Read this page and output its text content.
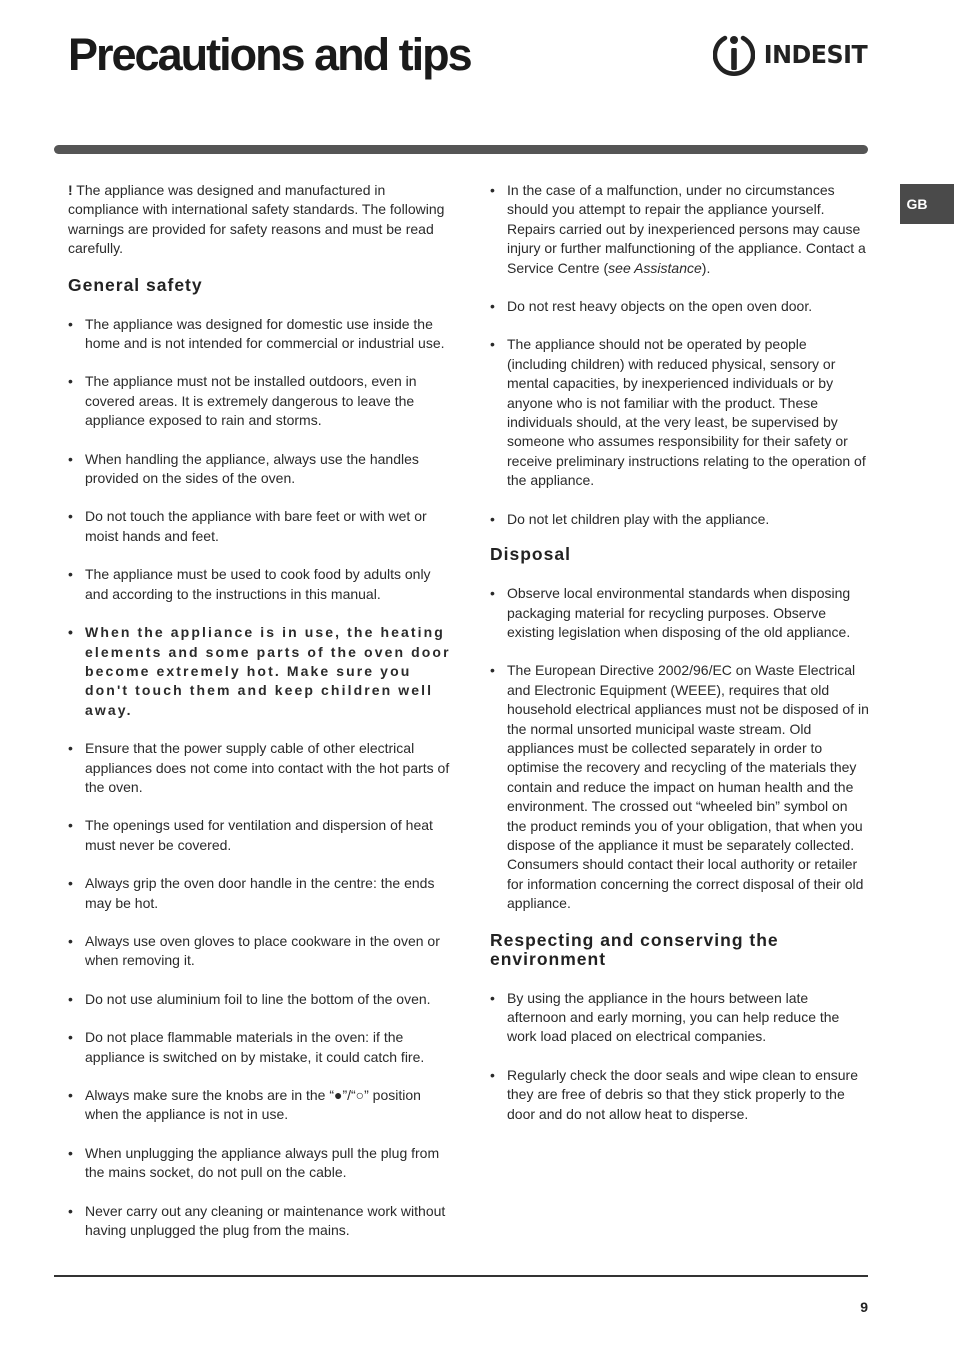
Precautions and tips	INDESIT
GB

! The appliance was designed and manufactured in compliance with international safety standards. The following warnings are provided for safety reasons and must be read carefully.

General safety
• The appliance was designed for domestic use inside the home and is not intended for commercial or industrial use.
• The appliance must not be installed outdoors, even in covered areas. It is extremely dangerous to leave the appliance exposed to rain and storms.
• When handling the appliance, always use the handles provided on the sides of the oven.
• Do not touch the appliance with bare feet or with wet or moist hands and feet.
• The appliance must be used to cook food by adults only and according to the instructions in this manual.
• When the appliance is in use, the heating elements and some parts of the oven door become extremely hot. Make sure you don't touch them and keep children well away.
• Ensure that the power supply cable of other electrical appliances does not come into contact with the hot parts of the oven.
• The openings used for ventilation and dispersion of heat must never be covered.
• Always grip the oven door handle in the centre: the ends may be hot.
• Always use oven gloves to place cookware in the oven or when removing it.
• Do not use aluminium foil to line the bottom of the oven.
• Do not place flammable materials in the oven: if the appliance is switched on by mistake, it could catch fire.
• Always make sure the knobs are in the “●”/“○” position when the appliance is not in use.
• When unplugging the appliance always pull the plug from the mains socket, do not pull on the cable.
• Never carry out any cleaning or maintenance work without having unplugged the plug from the mains.
• In the case of a malfunction, under no circumstances should you attempt to repair the appliance yourself. Repairs carried out by inexperienced persons may cause injury or further malfunctioning of the appliance. Contact a Service Centre (see Assistance).
• Do not rest heavy objects on the open oven door.
• The appliance should not be operated by people (including children) with reduced physical, sensory or mental capacities, by inexperienced individuals or by anyone who is not familiar with the product. These individuals should, at the very least, be supervised by someone who assumes responsibility for their safety or receive preliminary instructions relating to the operation of the appliance.
• Do not let children play with the appliance.
Disposal
• Observe local environmental standards when disposing packaging material for recycling purposes. Observe existing legislation when disposing of the old appliance.
• The European Directive 2002/96/EC on Waste Electrical and Electronic Equipment (WEEE), requires that old household electrical appliances must not be disposed of in the normal unsorted municipal waste stream. Old appliances must be collected separately in order to optimise the recovery and recycling of the materials they contain and reduce the impact on human health and the environment. The crossed out “wheeled bin” symbol on the product reminds you of your obligation, that when you dispose of the appliance it must be separately collected.
Consumers should contact their local authority or retailer for information concerning the correct disposal of their old appliance.
Respecting and conserving the environment
• By using the appliance in the hours between late afternoon and early morning, you can help reduce the work load placed on electrical companies.
• Regularly check the door seals and wipe clean to ensure they are free of debris so that they stick properly to the door and do not allow heat to disperse.
9
